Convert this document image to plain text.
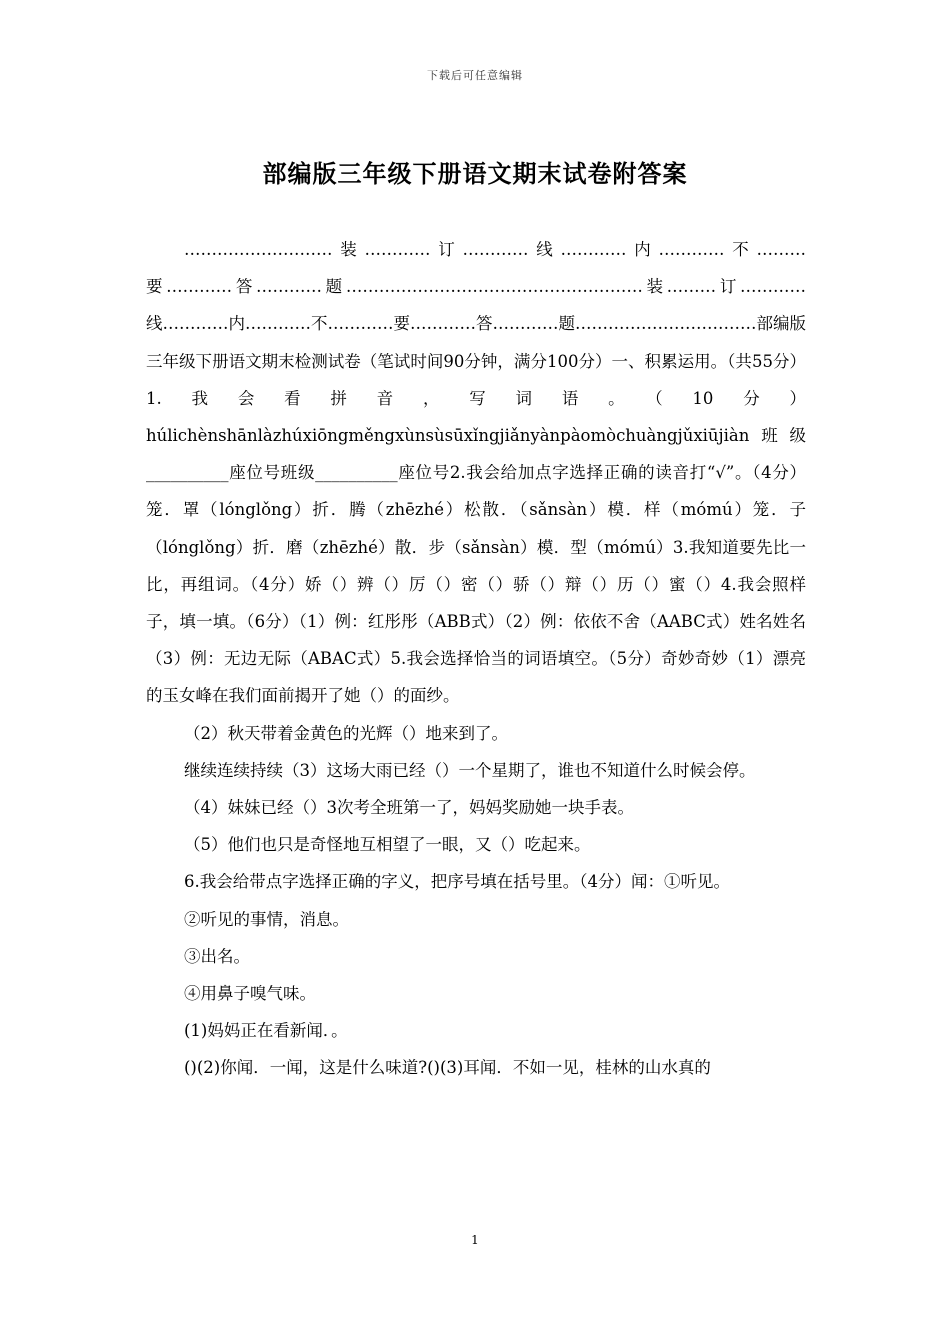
下载后可任意编辑
部编版三年级下册语文期末试卷附答案

………………………装…………订…………线…………内…………不………要…………答…………题………………………………………………装………订…………线…………内…………不…………要…………答…………题……………………………部编版三年级下册语文期末检测试卷（笔试时间90分钟，满分100分）一、积累运用。（共55分）1.我会看拼音，写词语。（10分）húlichènshānlàzhúxiōngměngxùnsùsūxǐngjiǎnyànpàomòchuàngjǔxiūjiàn班级__________座位号班级__________座位号2.我会给加点字选择正确的读音打“√”。（4分）笼．罩（lónglǒng）折．腾（zhēzhé）松散．（sǎnsàn）模．样（mómú）笼．子（lónglǒng）折．磨（zhēzhé）散．步（sǎnsàn）模．型（mómú）3.我知道要先比一比，再组词。（4分）娇（）辨（）厉（）密（）骄（）辩（）历（）蜜（）4.我会照样子，填一填。（6分）（1）例：红彤彤（ABB式）（2）例：依依不舍（AABC式）姓名姓名（3）例：无边无际（ABAC式）5.我会选择恰当的词语填空。（5分）奇妙奇妙（1）漂亮的玉女峰在我们面前揭开了她（）的面纱。

（2）秋天带着金黄色的光辉（）地来到了。

继续连续持续（3）这场大雨已经（）一个星期了，谁也不知道什么时候会停。

（4）妹妹已经（）3次考全班第一了，妈妈奖励她一块手表。

（5）他们也只是奇怪地互相望了一眼，又（）吃起来。

6.我会给带点字选择正确的字义，把序号填在括号里。（4分）闻：①听见。

②听见的事情，消息。

③出名。

④用鼻子嗅气味。

(1)妈妈正在看新闻．。

()(2)你闻．一闻，这是什么味道?()(3)耳闻．不如一见，桂林的山水真的

1
